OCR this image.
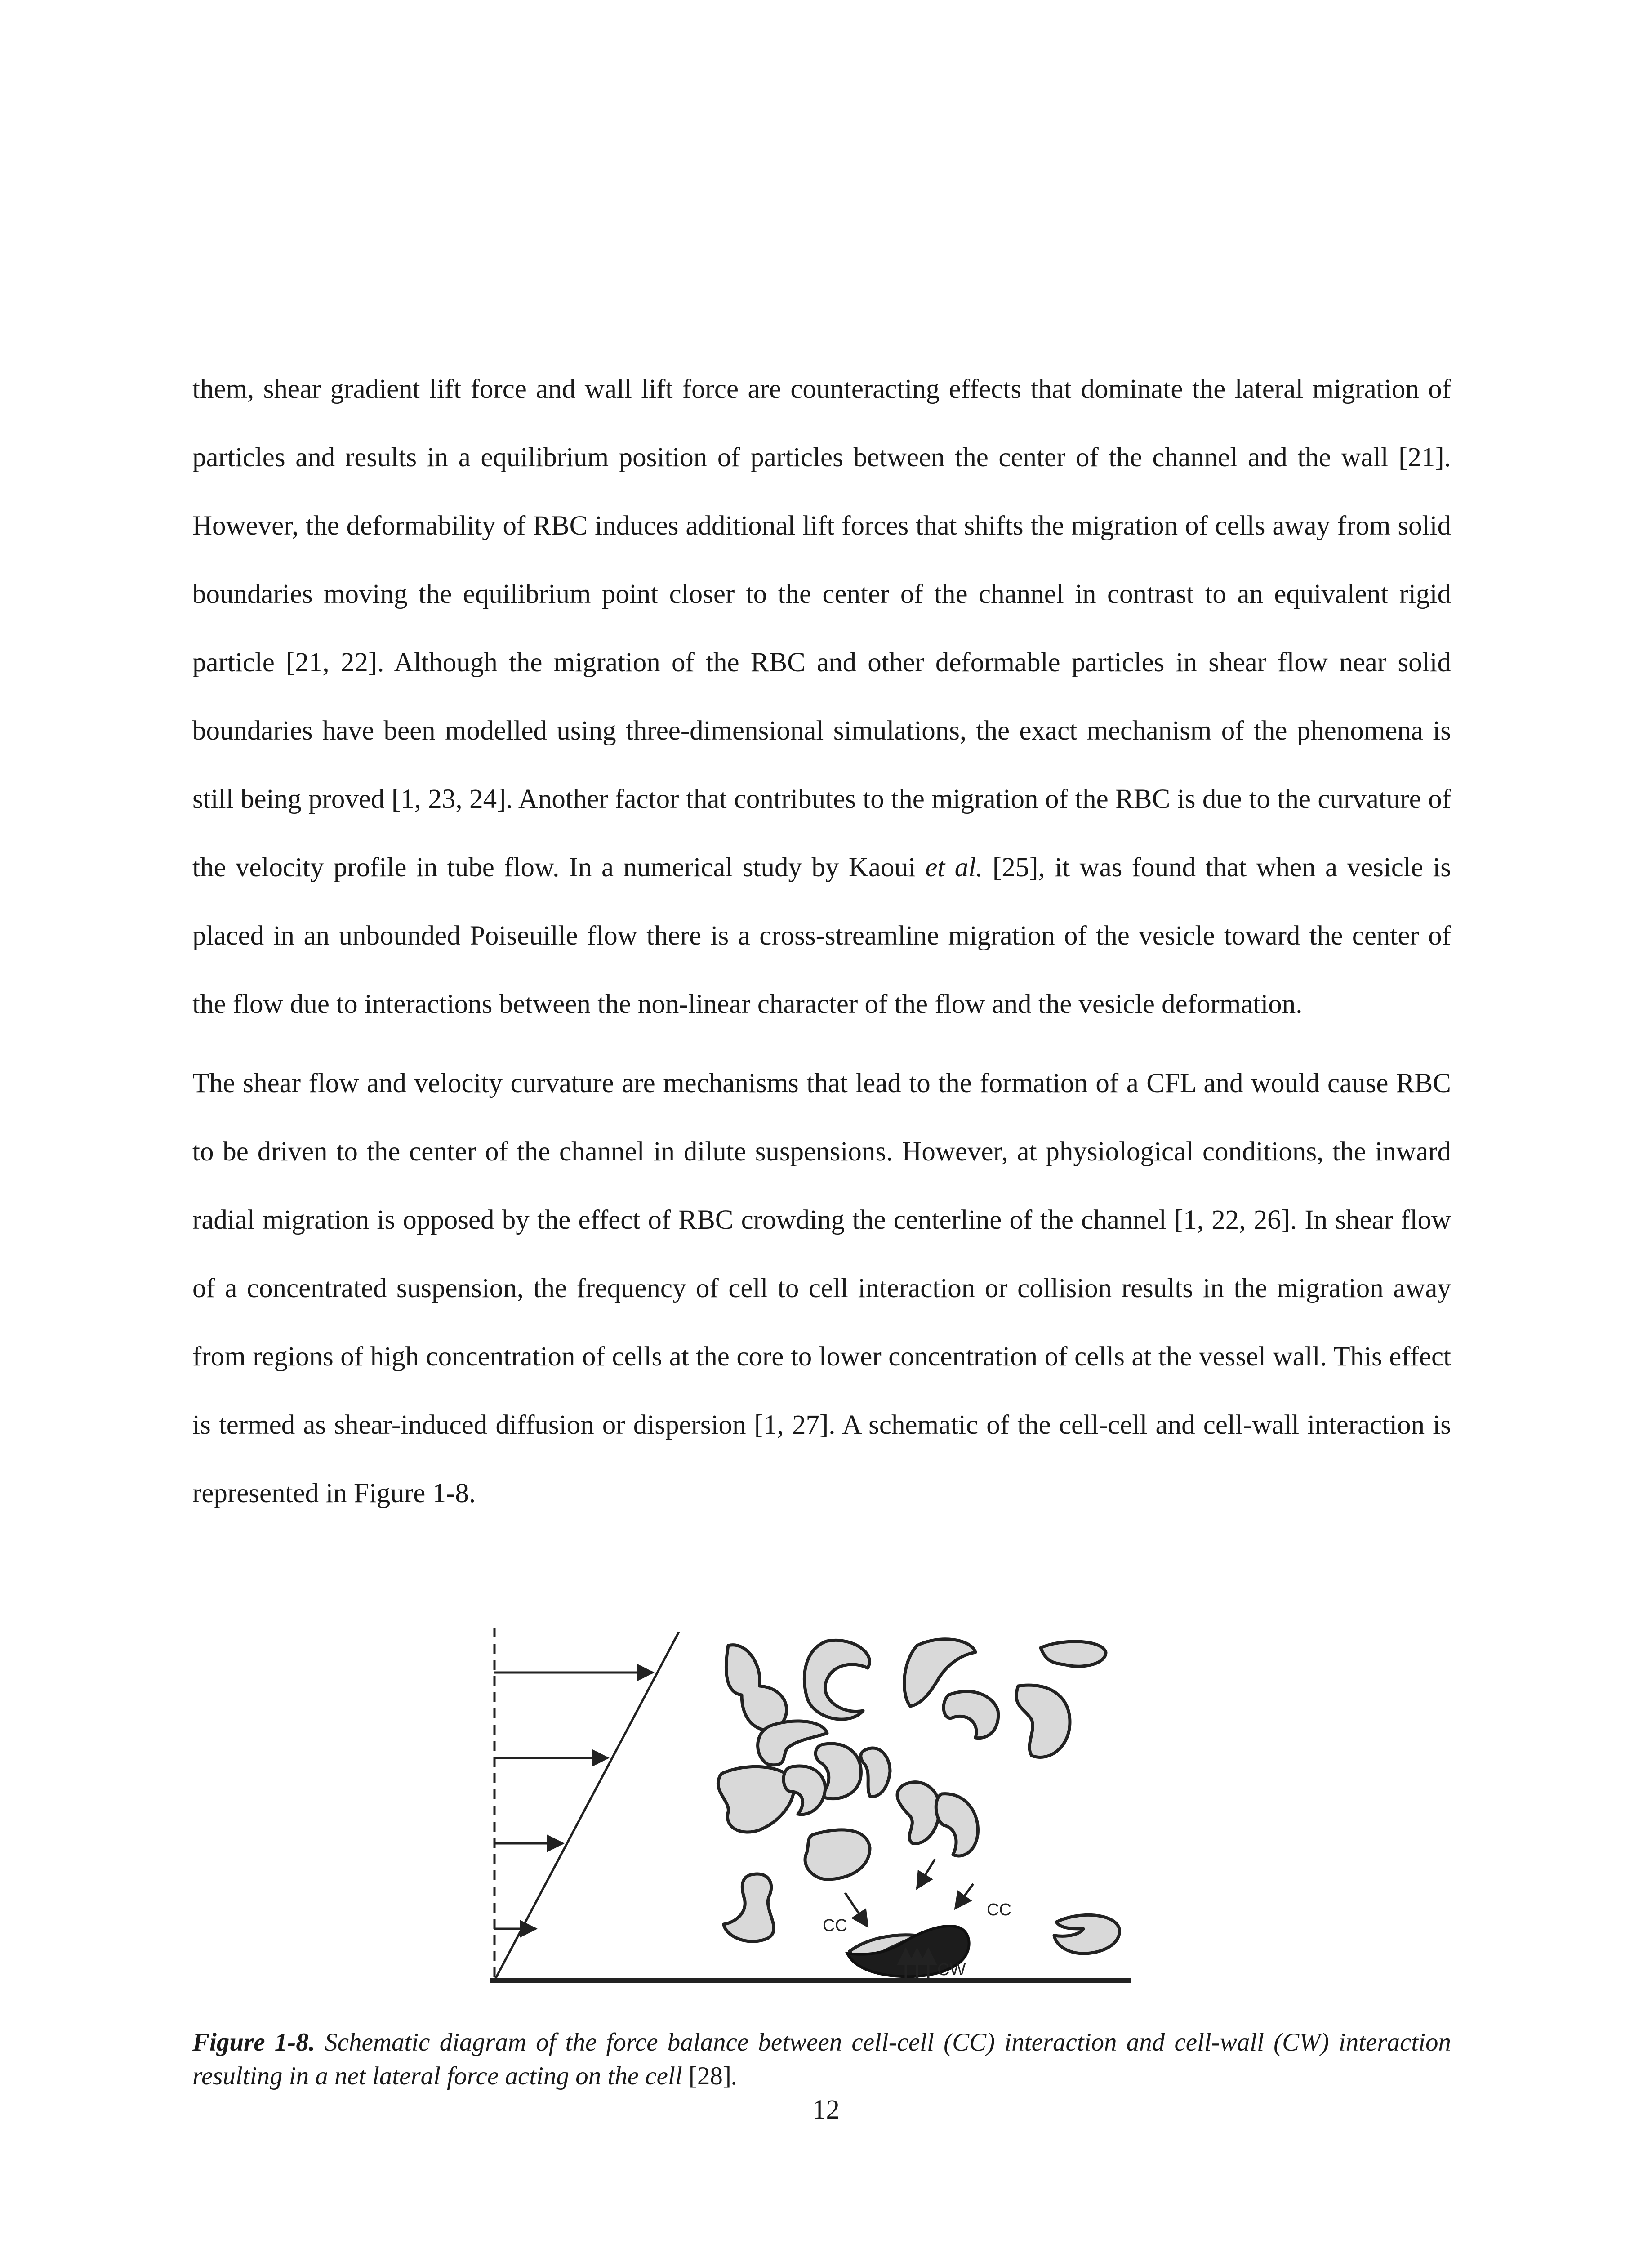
them, shear gradient lift force and wall lift force are counteracting effects that dominate the lateral migration of particles and results in a equilibrium position of particles between the center of the channel and the wall [21]. However, the deformability of RBC induces additional lift forces that shifts the migration of cells away from solid boundaries moving the equilibrium point closer to the center of the channel in contrast to an equivalent rigid particle [21, 22]. Although the migration of the RBC and other deformable particles in shear flow near solid boundaries have been modelled using three-dimensional simulations, the exact mechanism of the phenomena is still being proved [1, 23, 24]. Another factor that contributes to the migration of the RBC is due to the curvature of the velocity profile in tube flow. In a numerical study by Kaoui et al. [25], it was found that when a vesicle is placed in an unbounded Poiseuille flow there is a cross-streamline migration of the vesicle toward the center of the flow due to interactions between the non-linear character of the flow and the vesicle deformation.

The shear flow and velocity curvature are mechanisms that lead to the formation of a CFL and would cause RBC to be driven to the center of the channel in dilute suspensions. However, at physiological conditions, the inward radial migration is opposed by the effect of RBC crowding the centerline of the channel [1, 22, 26]. In shear flow of a concentrated suspension, the frequency of cell to cell interaction or collision results in the migration away from regions of high concentration of cells at the core to lower concentration of cells at the vessel wall. This effect is termed as shear-induced diffusion or dispersion [1, 27]. A schematic of the cell-cell and cell-wall interaction is represented in Figure 1-8.

CC
CC
CW
Figure 1-8. Schematic diagram of the force balance between cell-cell (CC) interaction and cell-wall (CW) interaction resulting in a net lateral force acting on the cell [28].
12
